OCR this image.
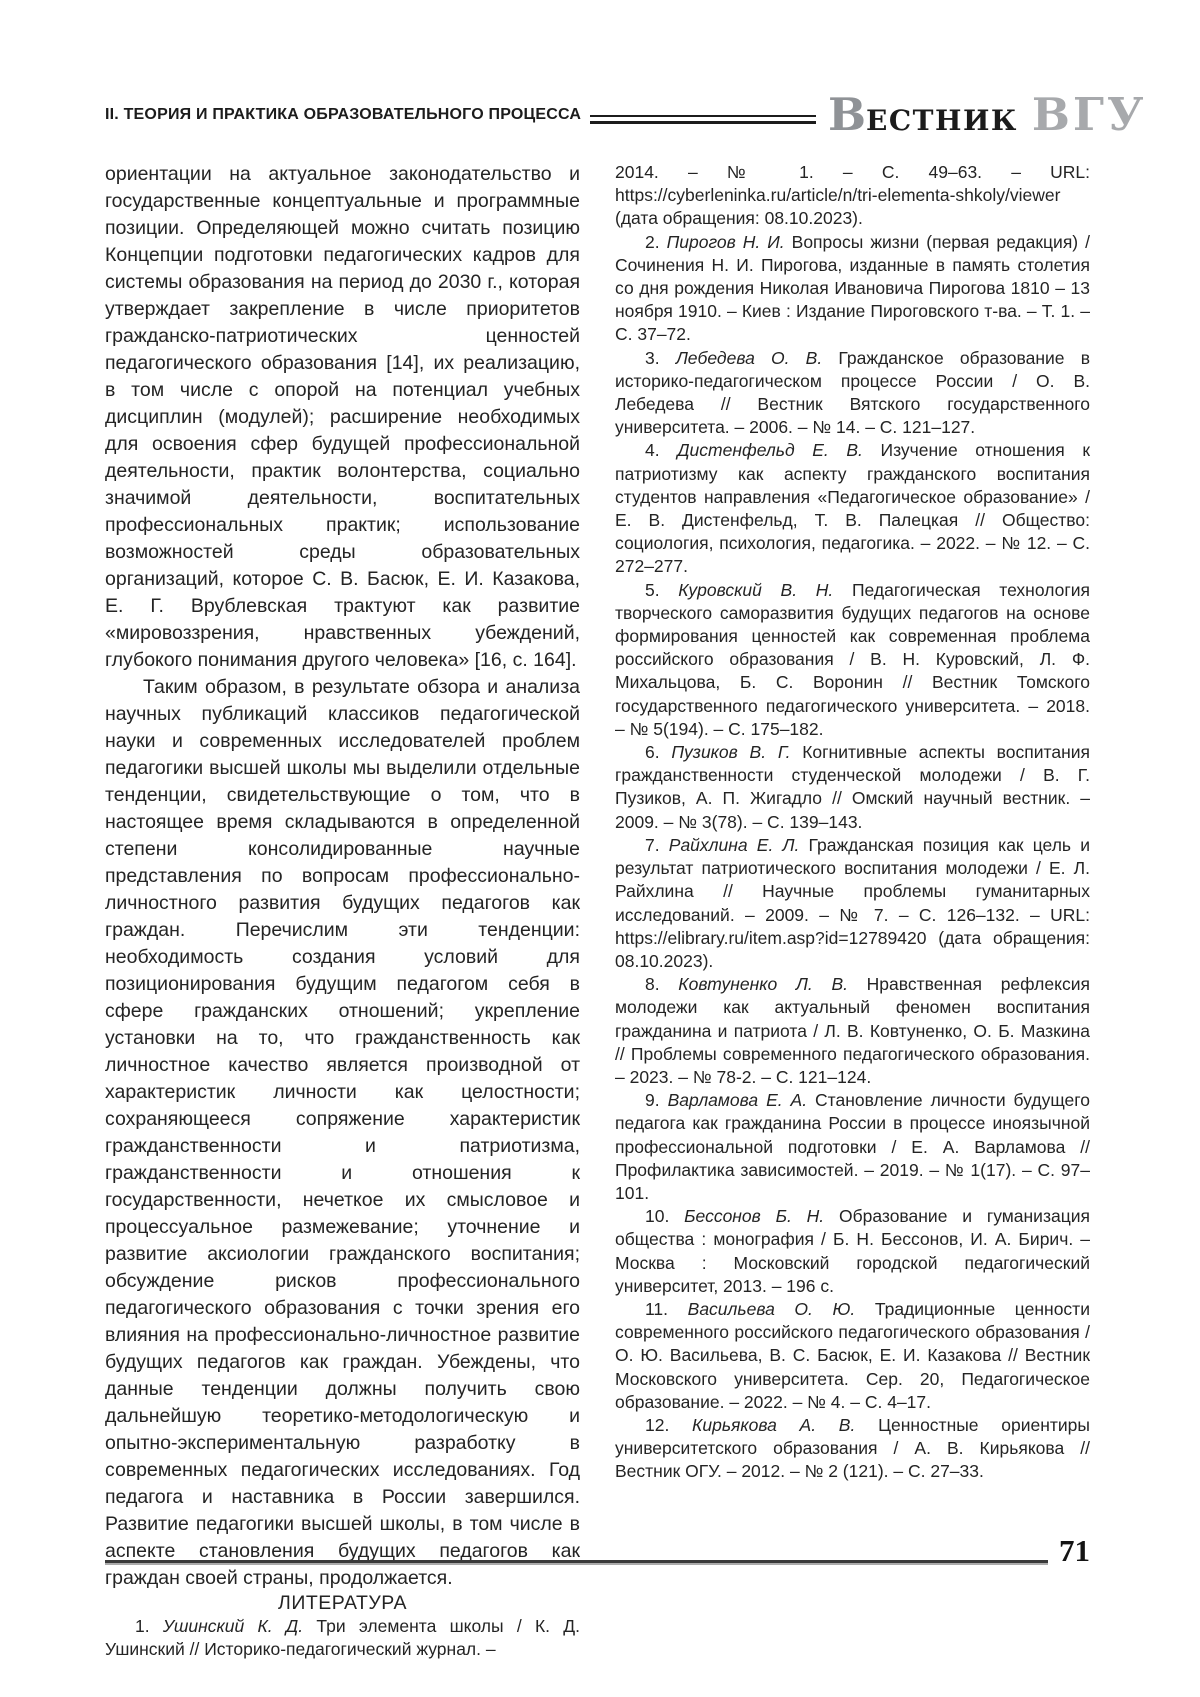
II. ТЕОРИЯ И ПРАКТИКА ОБРАЗОВАТЕЛЬНОГО ПРОЦЕССА	В ЕСТНИК ВГУ

ориентации на актуальное законодательство и государственные концептуальные и программные позиции. Определяющей можно считать позицию Концепции подготовки педагогических кадров для системы образования на период до 2030 г., которая утверждает закрепление в числе приоритетов гражданско-патриотических ценностей педагогического образования [14], их реализацию, в том числе с опорой на потенциал учебных дисциплин (модулей); расширение необходимых для освоения сфер будущей профессиональной деятельности, практик волонтерства, социально значимой деятельности, воспитательных профессиональных практик; использование возможностей среды образовательных организаций, которое С. В. Басюк, Е. И. Казакова, Е. Г. Врублевская трактуют как развитие «мировоззрения, нравственных убеждений, глубокого понимания другого человека» [16, с. 164].

Таким образом, в результате обзора и анализа научных публикаций классиков педагогической науки и современных исследователей проблем педагогики высшей школы мы выделили отдельные тенденции, свидетельствующие о том, что в настоящее время складываются в определенной степени консолидированные научные представления по вопросам профессионально-личностного развития будущих педагогов как граждан. Перечислим эти тенденции: необходимость создания условий для позиционирования будущим педагогом себя в сфере гражданских отношений; укрепление установки на то, что гражданственность как личностное качество является производной от характеристик личности как целостности; сохраняющееся сопряжение характеристик гражданственности и патриотизма, гражданственности и отношения к государственности, нечеткое их смысловое и процессуальное размежевание; уточнение и развитие аксиологии гражданского воспитания; обсуждение рисков профессионального педагогического образования с точки зрения его влияния на профессионально-личностное развитие будущих педагогов как граждан. Убеждены, что данные тенденции должны получить свою дальнейшую теоретико-методологическую и опытно-экспериментальную разработку в современных педагогических исследованиях. Год педагога и наставника в России завершился. Развитие педагогики высшей школы, в том числе в аспекте становления будущих педагогов как граждан своей страны, продолжается.

ЛИТЕРАТУРА

1. Ушинский К. Д. Три элемента школы / К. Д. Ушинский // Историко-педагогический журнал. –

2014. – № 1. – С. 49–63. – URL: https://cyberleninka.ru/article/n/tri-elementa-shkoly/viewer (дата обращения: 08.10.2023).

2. Пирогов Н. И. Вопросы жизни (первая редакция) / Сочинения Н. И. Пирогова, изданные в память столетия со дня рождения Николая Ивановича Пирогова 1810 – 13 ноября 1910. – Киев : Издание Пироговского т-ва. – Т. 1. – С. 37–72.

3. Лебедева О. В. Гражданское образование в историко-педагогическом процессе России / О. В. Лебедева // Вестник Вятского государственного университета. – 2006. – № 14. – С. 121–127.

4. Дистенфельд Е. В. Изучение отношения к патриотизму как аспекту гражданского воспитания студентов направления «Педагогическое образование» / Е. В. Дистенфельд, Т. В. Палецкая // Общество: социология, психология, педагогика. – 2022. – № 12. – С. 272–277.

5. Куровский В. Н. Педагогическая технология творческого саморазвития будущих педагогов на основе формирования ценностей как современная проблема российского образования / В. Н. Куровский, Л. Ф. Михальцова, Б. С. Воронин // Вестник Томского государственного педагогического университета. – 2018. – № 5(194). – С. 175–182.

6. Пузиков В. Г. Когнитивные аспекты воспитания гражданственности студенческой молодежи / В. Г. Пузиков, А. П. Жигадло // Омский научный вестник. – 2009. – № 3(78). – С. 139–143.

7. Райхлина Е. Л. Гражданская позиция как цель и результат патриотического воспитания молодежи / Е. Л. Райхлина // Научные проблемы гуманитарных исследований. – 2009. – № 7. – С. 126–132. – URL: https://elibrary.ru/item.asp?id=12789420 (дата обращения: 08.10.2023).

8. Ковтуненко Л. В. Нравственная рефлексия молодежи как актуальный феномен воспитания гражданина и патриота / Л. В. Ковтуненко, О. Б. Мазкина // Проблемы современного педагогического образования. – 2023. – № 78-2. – С. 121–124.

9. Варламова Е. А. Становление личности будущего педагога как гражданина России в процессе иноязычной профессиональной подготовки / Е. А. Варламова // Профилактика зависимостей. – 2019. – № 1(17). – С. 97–101.

10. Бессонов Б. Н. Образование и гуманизация общества : монография / Б. Н. Бессонов, И. А. Бирич. – Москва : Московский городской педагогический университет, 2013. – 196 с.

11. Васильева О. Ю. Традиционные ценности современного российского педагогического образования / О. Ю. Васильева, В. С. Басюк, Е. И. Казакова // Вестник Московского университета. Сер. 20, Педагогическое образование. – 2022. – № 4. – С. 4–17.

12. Кирьякова А. В. Ценностные ориентиры университетского образования / А. В. Кирьякова // Вестник ОГУ. – 2012. – № 2 (121). – С. 27–33.

71
